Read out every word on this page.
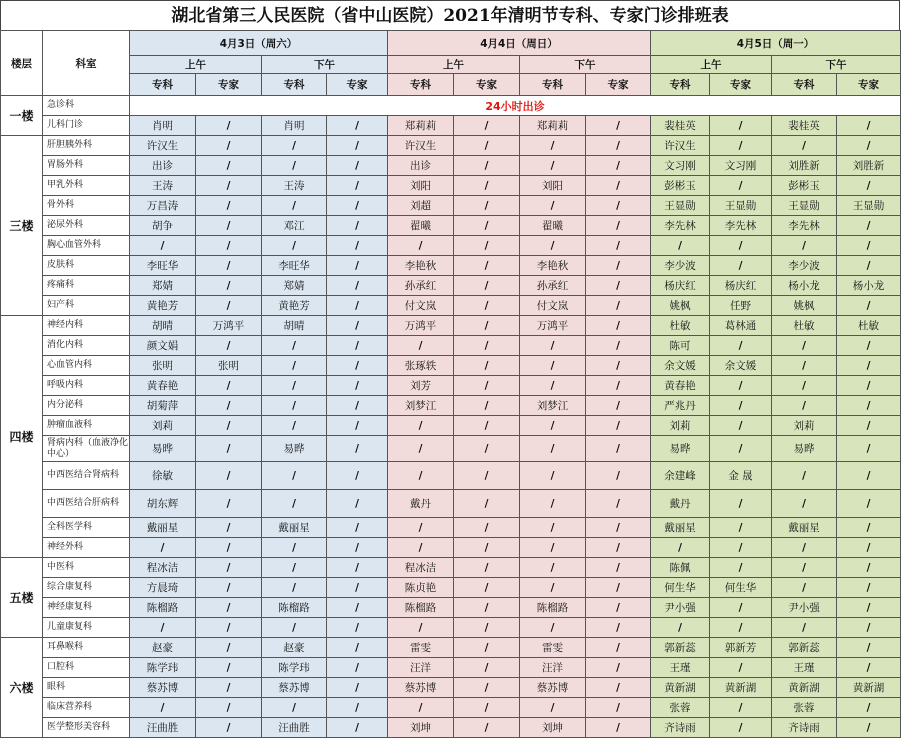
湖北省第三人民医院（省中山医院）2021年清明节专科、专家门诊排班表
楼层	科室	4月3日（周六）				4月4日（周日）				4月5日（周一）			
		上午		下午		上午		下午		上午		下午	
		专科	专家	专科	专家	专科	专家	专科	专家	专科	专家	专科	专家
一楼	急诊科	24小时出诊											
	儿科门诊	肖明	/	肖明	/	郑莉莉	/	郑莉莉	/	裴桂英	/	裴桂英	/
三楼	肝胆胰外科	许汉生	/	/	/	许汉生	/	/	/	许汉生	/	/	/
	胃肠外科	出诊	/	/	/	出诊	/	/	/	文习刚	文习刚	刘胜新	刘胜新
	甲乳外科	王涛	/	王涛	/	刘阳	/	刘阳	/	彭彬玉	/	彭彬玉	/
	骨外科	万昌涛	/	/	/	刘超	/	/	/	王显勋	王显勋	王显勋	王显勋
	泌尿外科	胡争	/	邓江	/	翟曦	/	翟曦	/	李先林	李先林	李先林	/
	胸心血管外科	/	/	/	/	/	/	/	/	/	/	/	/
	皮肤科	李旺华	/	李旺华	/	李艳秋	/	李艳秋	/	李少波	/	李少波	/
	疼痛科	郑婧	/	郑婧	/	孙承红	/	孙承红	/	杨庆红	杨庆红	杨小龙	杨小龙
	妇产科	黄艳芳	/	黄艳芳	/	付文岚	/	付文岚	/	姚枫	任野	姚枫	/
四楼	神经内科	胡晴	万鸿平	胡晴	/	万鸿平	/	万鸿平	/	杜敏	葛林通	杜敏	杜敏
	消化内科	颜文娟	/	/	/	/	/	/	/	陈可	/	/	/
	心血管内科	张明	张明	/	/	张琢轶	/	/	/	余文媛	余文媛	/	/
	呼吸内科	黄春艳	/	/	/	刘芳	/	/	/	黄春艳	/	/	/
	内分泌科	胡菊萍	/	/	/	刘梦江	/	刘梦江	/	严兆丹	/	/	/
	肿瘤血液科	刘莉	/	/	/	/	/	/	/	刘莉	/	刘莉	/
	肾病内科（血液净化中心）	易晔	/	易晔	/	/	/	/	/	易晔	/	易晔	/
	中西医结合肾病科	徐敏	/	/	/	/	/	/	/	余建峰	金 晟	/	/
	中西医结合肝病科	胡东辉	/	/	/	戴丹	/	/	/	戴丹	/	/	/
	全科医学科	戴丽星	/	戴丽星	/	/	/	/	/	戴丽星	/	戴丽星	/
	神经外科	/	/	/	/	/	/	/	/	/	/	/	/
五楼	中医科	程冰洁	/	/	/	程冰洁	/	/	/	陈佩	/	/	/
	综合康复科	方晨琦	/	/	/	陈贞艳	/	/	/	何生华	何生华	/	/
	神经康复科	陈榴路	/	陈榴路	/	陈榴路	/	陈榴路	/	尹小强	/	尹小强	/
	儿童康复科	/	/	/	/	/	/	/	/	/	/	/	/
六楼	耳鼻喉科	赵豪	/	赵豪	/	雷雯	/	雷雯	/	郭新蕊	郭新芳	郭新蕊	/
	口腔科	陈学玮	/	陈学玮	/	汪洋	/	汪洋	/	王瑾	/	王瑾	/
	眼科	蔡苏博	/	蔡苏博	/	蔡苏博	/	蔡苏博	/	黄新湖	黄新湖	黄新湖	黄新湖
	临床营养科	/	/	/	/	/	/	/	/	张蓉	/	张蓉	/
	医学整形美容科	汪曲胜	/	汪曲胜	/	刘坤	/	刘坤	/	齐诗雨	/	齐诗雨	/
